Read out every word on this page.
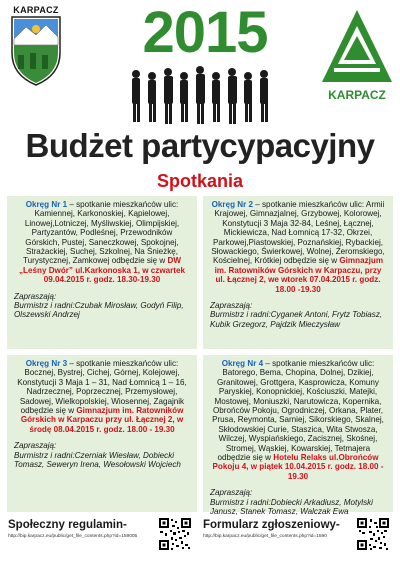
KARPACZ	2015
KARPACZ
Budżet partycypacyjny
Spotkania
Okręg Nr 1 – spotkanie mieszkańców ulic: Kamiennej, Karkonoskiej, Kąpielowej, Linowej,Lotniczej, Myśliwskiej, Olimpijskiej, Partyzantów, Podleśnej, Przewodników Górskich, Pustej, Saneczkowej, Spokojnej, Strażackiej, Suchej, Szkolnej, Na Śnieżkę, Turystycznej, Zamkowej odbędzie się w DW „Leśny Dwór” ul.Karkonoska 1, w czwartek 09.04.2015 r. godz. 18.30-19.30
Zapraszają:
Burmistrz i radni:Czubak Mirosław, Godyń Filip, Olszewski Andrzej
Okręg Nr 2 – spotkanie mieszkańców ulic: Armii Krajowej, Gimnazjalnej, Grzybowej, Kolorowej, Konstytucji 3 Maja 32-84, Leśnej, Łącznej, Mickiewicza, Nad Łomnicą 17-32, Okrzei, Parkowej,Piastowskiej, Poznańskiej, Rybackiej, Słowackiego, Świerkowej, Wolnej, Żeromskiego, Kościelnej, Krótkiej odbędzie się w Gimnazjum im. Ratowników Górskich w Karpaczu, przy ul. Łącznej 2, we wtorek 07.04.2015 r. godz. 18.00 -19.30
Zapraszają:
Burmistrz i radni:Cyganek Antoni, Frytz Tobiasz, Kubik Grzegorz, Pajdzik Mieczysław
Okręg Nr 3 – spotkanie mieszkańców ulic: Bocznej, Bystrej, Cichej, Górnej, Kolejowej, Konstytucji 3 Maja 1 – 31, Nad Łomnicą 1 – 16, Nadrzecznej, Poprzecznej, Przemysłowej, Sadowej, Wielkopolskiej, Wiosennej, Zagajnik odbędzie się w Gimnazjum im. Ratowników Górskich w Karpaczu przy ul. Łącznej 2, w środę 08.04.2015 r. godz. 18.00 - 19.30
Zapraszają:
Burmistrz i radni:Czerniak Wiesław, Dobiecki Tomasz, Seweryn Irena, Wesołowski Wojciech
Okręg Nr 4 – spotkanie mieszkańców ulic: Batorego, Bema, Chopina, Dolnej, Dzikiej, Granitowej, Grottgera, Kasprowicza, Komuny Paryskiej, Konopnickiej, Kościuszki, Matejki, Mostowej, Moniuszki, Narutowicza, Kopernika, Obrońców Pokoju, Ogrodniczej, Orkana, Plater, Prusa, Reymonta, Sarniej, Sikorskiego, Skalnej, Skłodowskiej Curie, Staszica, Wita Stwosza, Wilczej, Wyspiańskiego, Zacisznej, Skośnej, Stromej, Wąskiej, Kowarskiej, Tetmajera odbędzie się w Hotelu Relaks ul.Obrońców Pokoju 4, w piątek 10.04.2015 r. godz. 18.00 - 19.30
Zapraszają:
Burmistrz i radni:Dobiecki Arkadiusz, Motylski Janusz, Stanek Tomasz, Walczak Ewa
Społeczny regulamin-
http://bip.karpacz.eu/public/get_file_contents.php?id=159005
Formularz zgłoszeniowy-
http://bip.karpacz.eu/public/get_file_contents.php?id=1590
